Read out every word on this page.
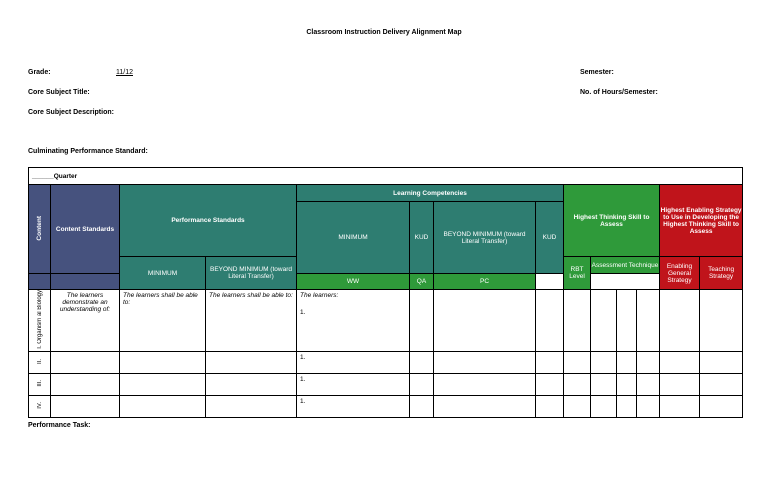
Classroom Instruction Delivery Alignment Map
Grade:	11/12	Semester:
Core Subject Title:	No. of Hours/Semester:
Core Subject Description:
Culminating Performance Standard:
______Quarter													
Content	Content Standards	Performance Standards		Learning Competencies				Highest Thinking Skill to Assess				Highest Enabling Strategy to Use in Developing the Highest Thinking Skill to Assess	
				MINIMUM	KUD	BEYOND MINIMUM (toward Literal Transfer)	KUD						
		MINIMUM	BEYOND MINIMUM (toward Literal Transfer)					RBT Level	Assessment Technique			Enabling General Strategy	Teaching Strategy
				WW	QA	PC							
I. Organism al Biology	The learners demonstrate an understanding of:	The learners shall be able to:	The learners shall be able to:	The learners:
1.									

II.				1.									
III.				1.									
IV.				1.									
Performance Task:
